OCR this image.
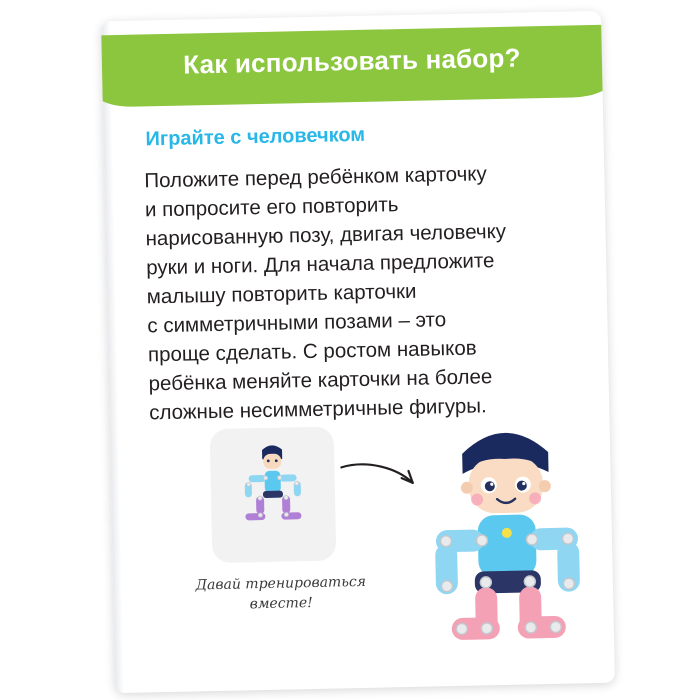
Как использовать набор?
Играйте с человечком
Положите перед ребёнком карточку
и попросите его повторить
нарисованную позу, двигая человечку
руки и ноги. Для начала предложите
малышу повторить карточки
с симметричными позами – это
проще сделать. С ростом навыков
ребёнка меняйте карточки на более
сложные несимметричные фигуры.
Давай тренироваться
вместе!
